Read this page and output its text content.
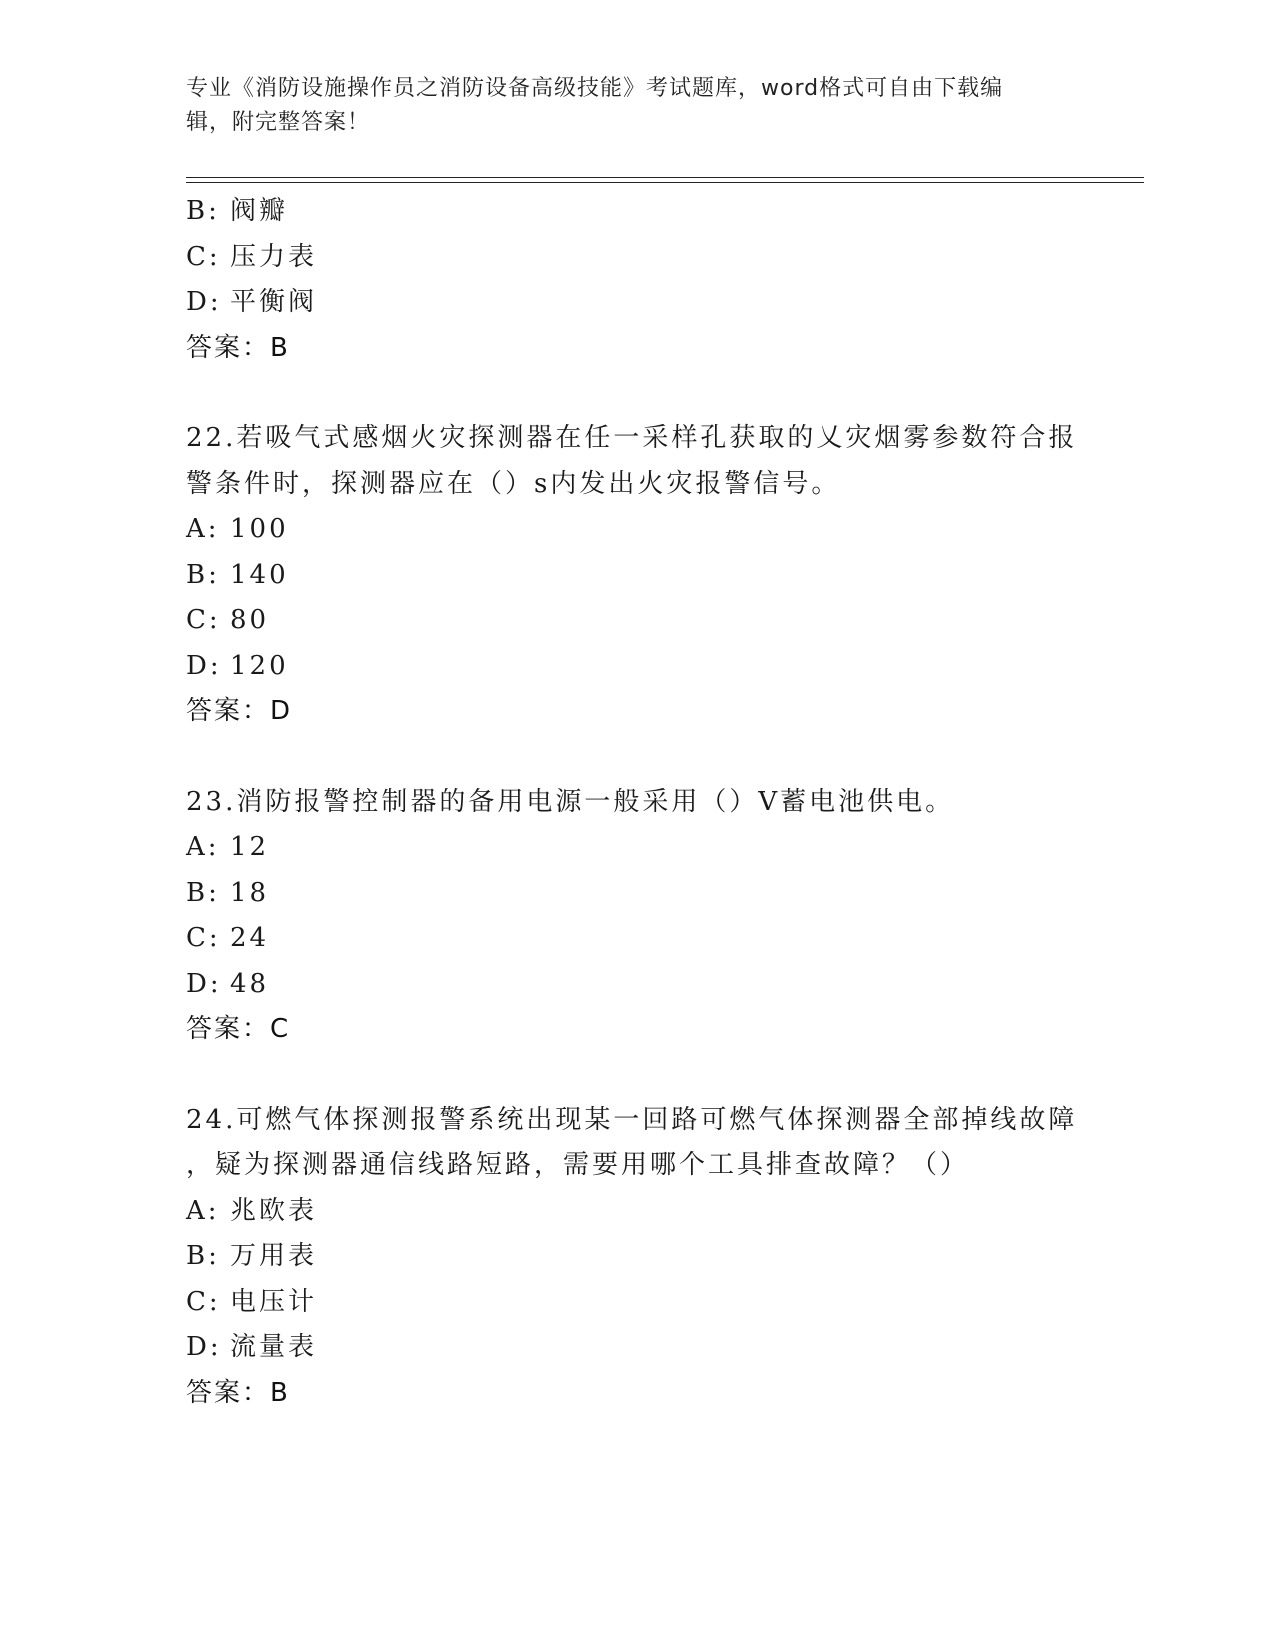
专业《消防设施操作员之消防设备高级技能》考试题库，word格式可自由下载编
辑，附完整答案！
B: 阀瓣
C: 压力表
D: 平衡阀
答案：B
22.若吸气式感烟火灾探测器在任一采样孔获取的乂灾烟雾参数符合报
警条件时，探测器应在（）s内发出火灾报警信号。
A: 100
B: 140
C: 80
D: 120
答案：D
23.消防报警控制器的备用电源一般采用（）V蓄电池供电。
A: 12
B: 18
C: 24
D: 48
答案：C
24.可燃气体探测报警系统出现某一回路可燃气体探测器全部掉线故障
，疑为探测器通信线路短路，需要用哪个工具排查故障？（）
A: 兆欧表
B: 万用表
C: 电压计
D: 流量表
答案：B
